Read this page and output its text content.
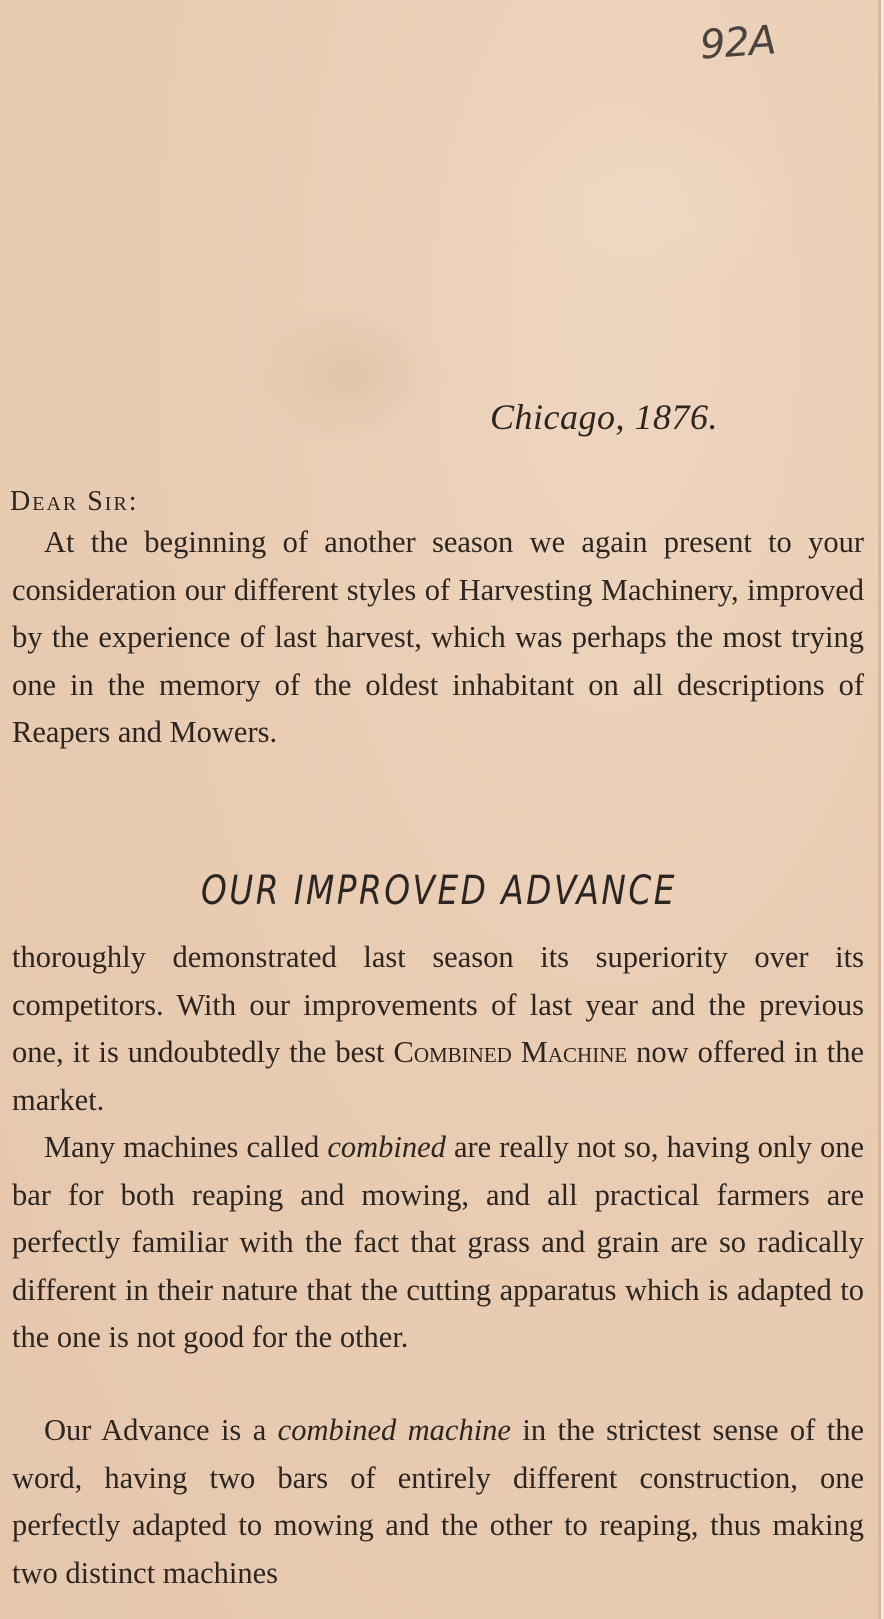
92A
Chicago, 1876.
Dear Sir:

At the beginning of another season we again present to your consideration our different styles of Harvesting Machinery, improved by the experience of last harvest, which was perhaps the most trying one in the memory of the oldest inhabitant on all descriptions of Reapers and Mowers.

OUR IMPROVED ADVANCE

thoroughly demonstrated last season its superiority over its competitors. With our improvements of last year and the previous one, it is undoubtedly the best Combined Machine now offered in the market.

Many machines called combined are really not so, having only one bar for both reaping and mowing, and all practical farmers are perfectly familiar with the fact that grass and grain are so radically different in their nature that the cutting apparatus which is adapted to the one is not good for the other.

Our Advance is a combined machine in the strictest sense of the word, having two bars of entirely different construction, one perfectly adapted to mowing and the other to reaping, thus making two distinct machines
